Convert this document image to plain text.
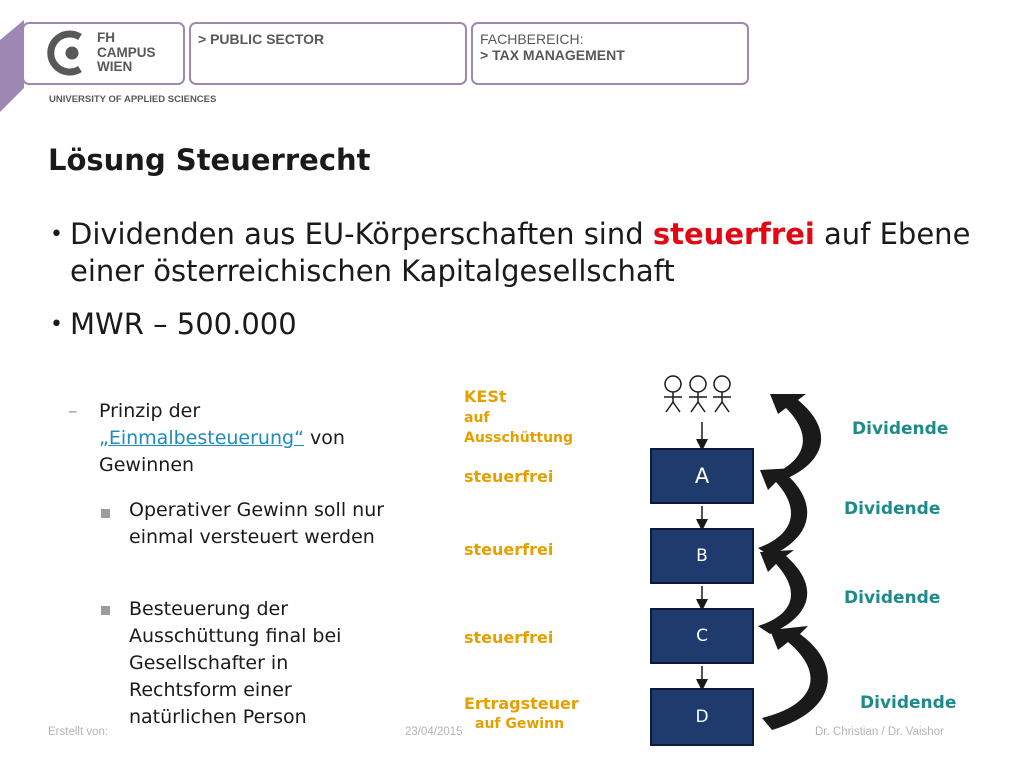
FH
CAMPUS
WIEN
UNIVERSITY OF APPLIED SCIENCES
> PUBLIC SECTOR	FACHBEREICH:
> TAX MANAGEMENT
Lösung Steuerrecht
• Dividenden aus EU-Körperschaften sind steuerfrei auf Ebene einer österreichischen Kapitalgesellschaft
• MWR – 500.000
– Prinzip der
„Einmalbesteuerung“ von
Gewinnen
Operativer Gewinn soll nur einmal versteuert werden
Besteuerung der Ausschüttung final bei Gesellschafter in Rechtsform einer natürlichen Person
KESt
auf
Ausschüttung
steuerfrei
steuerfrei
steuerfrei
Ertragsteuer
auf Gewinn
A
B
C
D
Dividende
Dividende
Dividende
Dividende
Erstellt von:	23/04/2015	Dr. Christian / Dr. Vaishor
